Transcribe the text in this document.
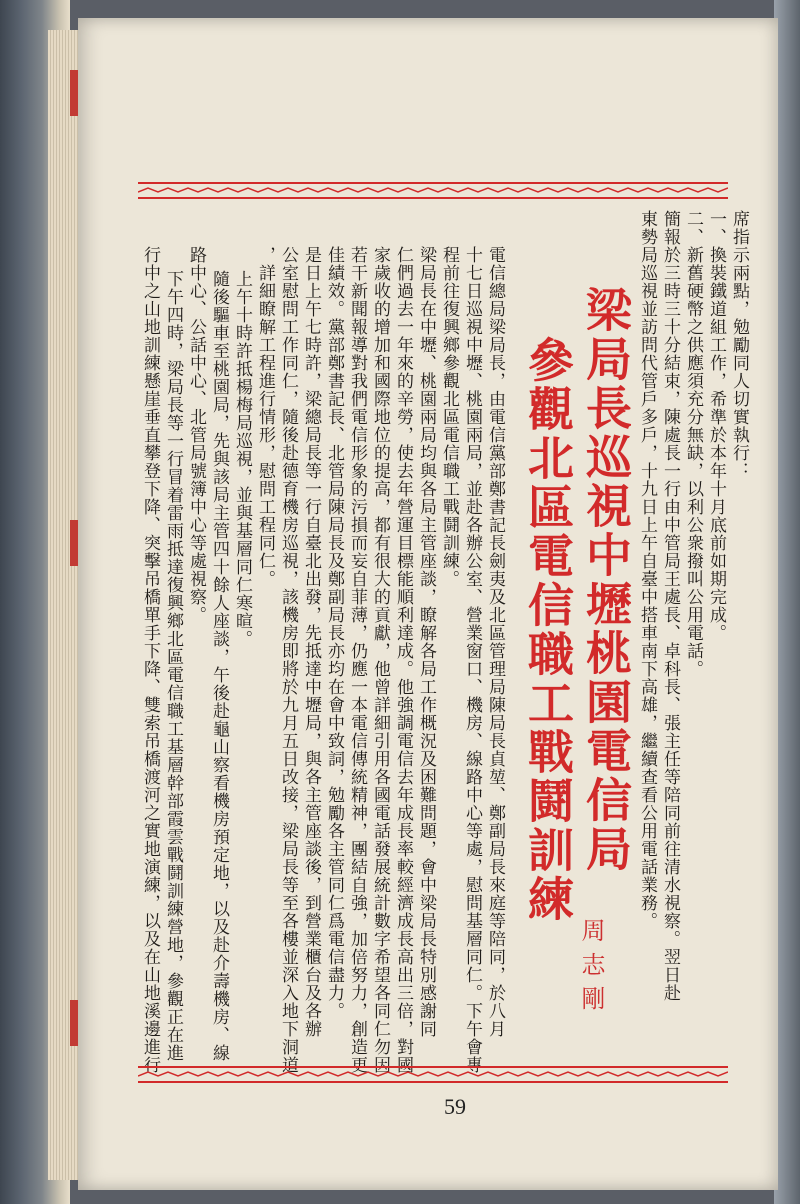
席指示兩點，勉勵同人切實執行：
一、換裝鐵道組工作，希準於本年十月底前如期完成。
二、新舊硬幣之供應須充分無缺，以利公衆撥叫公用電話。
簡報於三時三十分結束，陳處長一行由中管局王處長、卓科長、張主任等陪同前往清水視察。翌日赴
東勢局巡視並訪問代管戶多戶，十九日上午自臺中搭車南下高雄，繼續查看公用電話業務。
梁局長巡視中壢桃園電信局
參觀北區電信職工戰鬪訓練
周志剛
電信總局梁局長，由電信黨部鄭書記長劍夷及北區管理局陳局長貞堃、鄭副局長來庭等陪同，於八月
十七日巡視中壢、桃園兩局，並赴各辦公室、營業窗口、機房、線路中心等處，慰問基層同仁。下午會專
程前往復興鄉參觀北區電信職工戰鬪訓練。
梁局長在中壢、桃園兩局均與各局主管座談，瞭解各局工作概況及困難問題，會中梁局長特別感謝同
仁們過去一年來的辛勞，使去年營運目標能順利達成。他強調電信去年成長率較經濟成長高出三倍，對國
家歲收的增加和國際地位的提高，都有很大的貢獻，他曾詳細引用各國電話發展統計數字希望各同仁勿因
若干新聞報導對我們電信形象的污損而妄自菲薄，仍應一本電信傳統精神，團結自強，加倍努力，創造更
佳績效。黨部鄭書記長、北管局陳局長及鄭副局長亦均在會中致詞，勉勵各主管同仁爲電信盡力。
是日上午七時許，梁總局長等一行自臺北出發，先抵達中壢局，與各主管座談後，到營業櫃台及各辦
公室慰問工作同仁，隨後赴德育機房巡視，該機房即將於九月五日改接，梁局長等至各樓並深入地下洞道
，詳細瞭解工程進行情形，慰問工程同仁。
上午十時許抵楊梅局巡視，並與基層同仁寒暄。
隨後驅車至桃園局，先與該局主管四十餘人座談，午後赴龜山察看機房預定地，以及赴介壽機房、線
路中心、公話中心、北管局號簿中心等處視察。
下午四時，梁局長等一行冒着雷雨抵達復興鄉北區電信職工基層幹部霞雲戰鬪訓練營地，參觀正在進
行中之山地訓練懸崖垂直攀登下降、突擊吊橋單手下降、雙索吊橋渡河之實地演練，以及在山地溪邊進行
59
